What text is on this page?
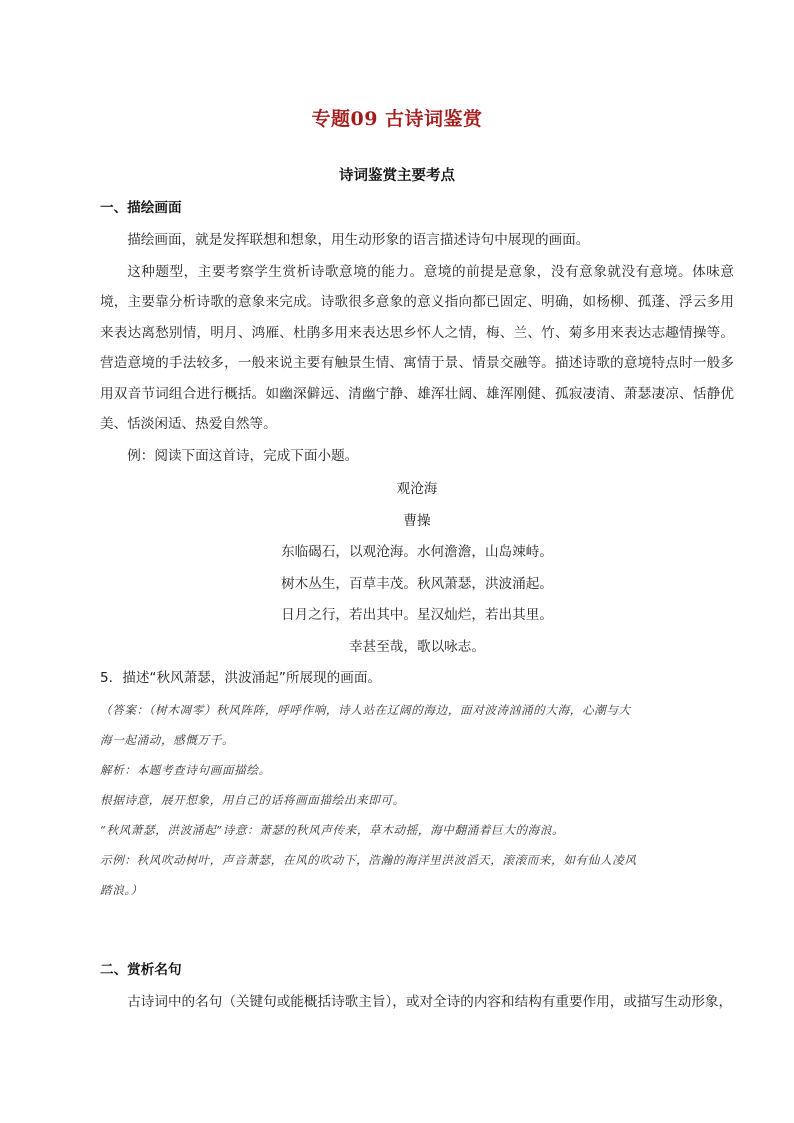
专题09 古诗词鉴赏
诗词鉴赏主要考点
一、描绘画面

描绘画面，就是发挥联想和想象，用生动形象的语言描述诗句中展现的画面。

这种题型，主要考察学生赏析诗歌意境的能力。意境的前提是意象，没有意象就没有意境。体味意境，主要靠分析诗歌的意象来完成。诗歌很多意象的意义指向都已固定、明确，如杨柳、孤蓬、浮云多用来表达离愁别情，明月、鸿雁、杜鹃多用来表达思乡怀人之情，梅、兰、竹、菊多用来表达志趣情操等。营造意境的手法较多，一般来说主要有触景生情、寓情于景、情景交融等。描述诗歌的意境特点时一般多用双音节词组合进行概括。如幽深僻远、清幽宁静、雄浑壮阔、雄浑刚健、孤寂凄清、萧瑟凄凉、恬静优美、恬淡闲适、热爱自然等。

例：阅读下面这首诗，完成下面小题。

观沧海

曹操

东临碣石，以观沧海。水何澹澹，山岛竦峙。

树木丛生，百草丰茂。秋风萧瑟，洪波涌起。

日月之行，若出其中。星汉灿烂，若出其里。

幸甚至哉，歌以咏志。

5．描述“秋风萧瑟，洪波涌起”所展现的画面。

（答案：（树木凋零）秋风阵阵，呼呼作响，诗人站在辽阔的海边，面对波涛汹涌的大海，心潮与大

海一起涌动，感慨万千。

解析：本题考查诗句画面描绘。

根据诗意，展开想象，用自己的话将画面描绘出来即可。

“秋风萧瑟，洪波涌起”诗意：萧瑟的秋风声传来，草木动摇，海中翻涌着巨大的海浪。

示例：秋风吹动树叶，声音萧瑟，在风的吹动下，浩瀚的海洋里洪波滔天，滚滚而来，如有仙人凌风

踏浪。）

二、赏析名句

古诗词中的名句（关键句或能概括诗歌主旨），或对全诗的内容和结构有重要作用，或描写生动形象，
